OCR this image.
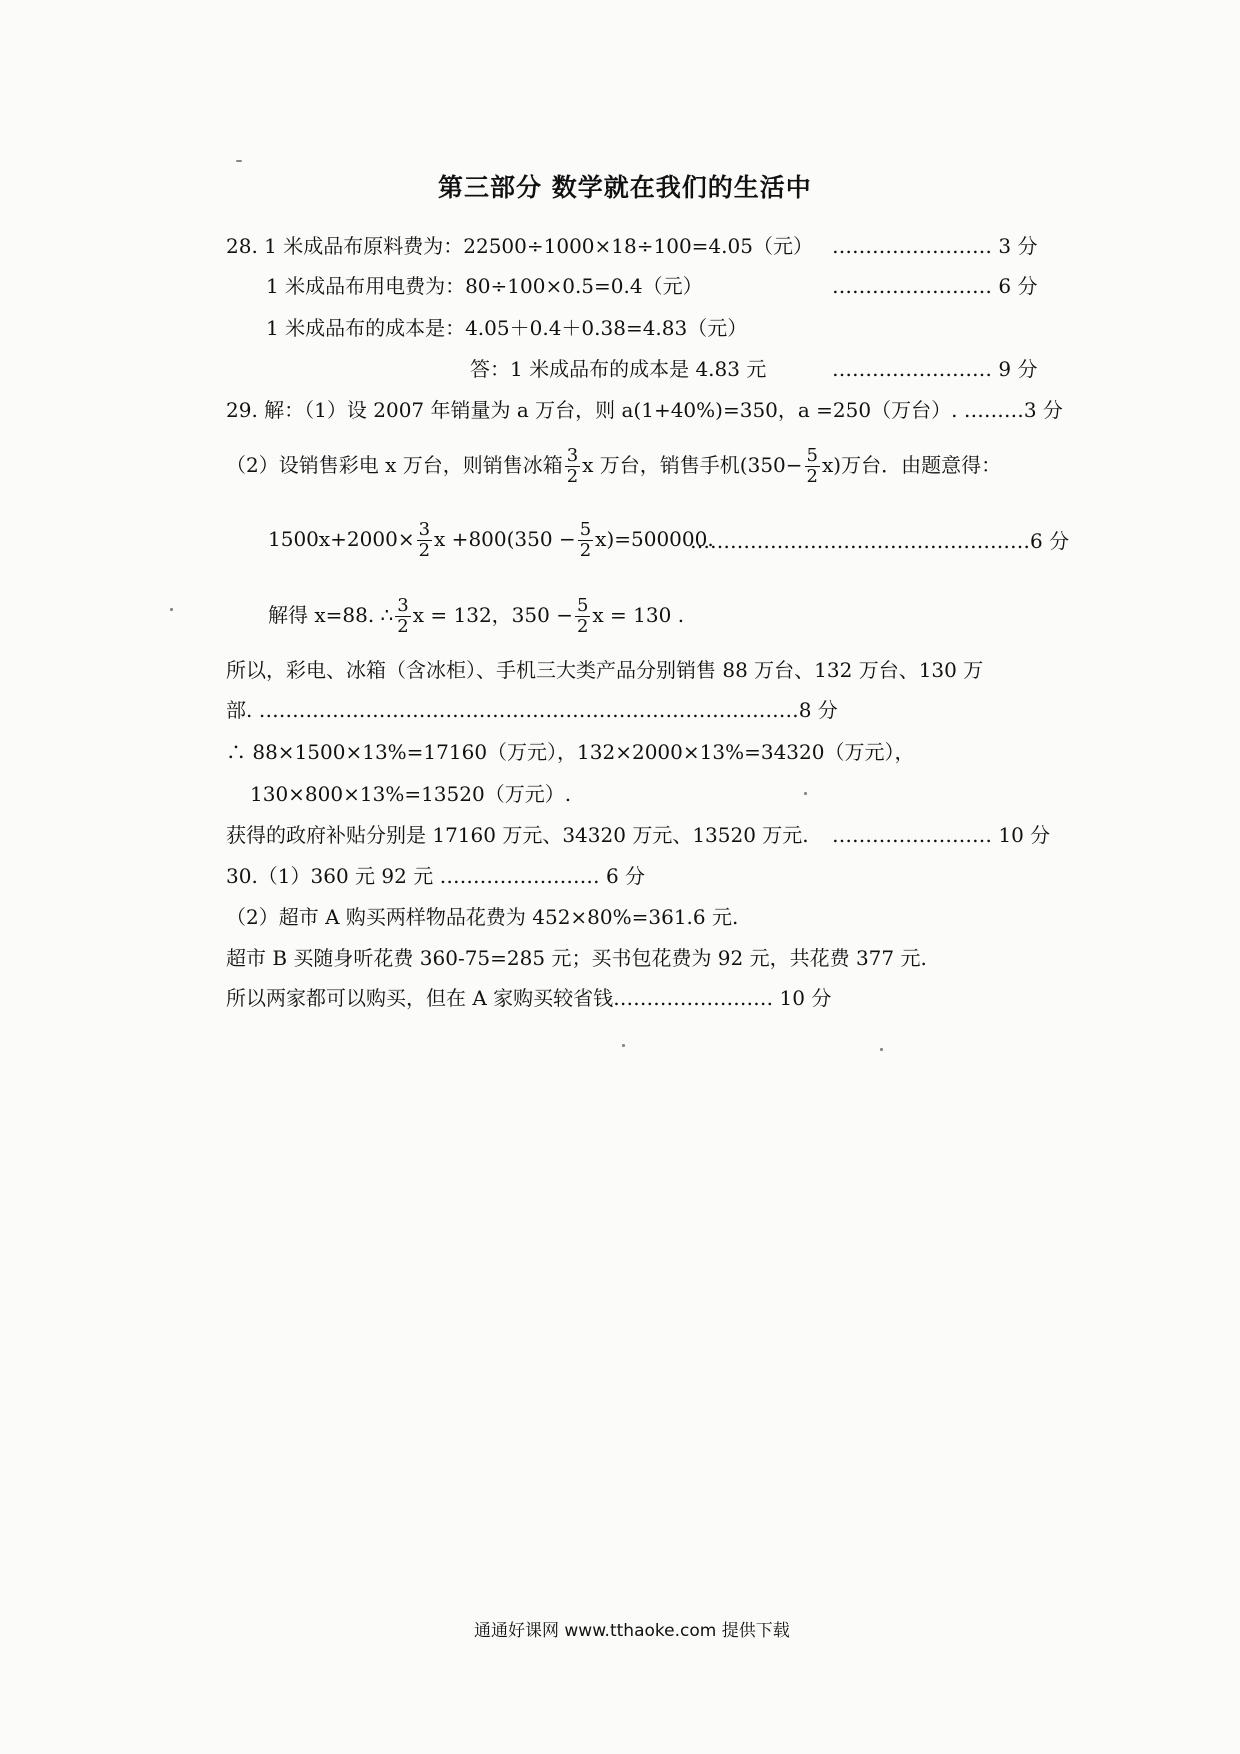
第三部分 数学就在我们的生活中
28. 1 米成品布原料费为：22500÷1000×18÷100=4.05（元） …………………… 3 分
1 米成品布用电费为：80÷100×0.5=0.4（元）	…………………… 6 分
1 米成品布的成本是：4.05＋0.4＋0.38=4.83（元）
答：1 米成品布的成本是 4.83 元	…………………… 9 分
29. 解：（1）设 2007 年销量为 a 万台，则 a(1+40%)=350，a =250（万台）. ………3 分
（2）设销售彩电 x 万台，则销售冰箱 $\frac{3}{2}$ x 万台，销售手机$(350- \frac{5}{2} x)$万台．由题意得：
$1500x+2000\times \frac{3}{2}$ $x +800(350 - \frac{5}{2} x)=500000$.
……………………………………………6 分
解得 x=88. ∴ $\frac{3}{2}$ x = 132，$350 - \frac{5}{2}$ x = 130 .
所以，彩电、冰箱（含冰柜）、手机三大类产品分别销售 88 万台、132 万台、130 万
部. ………………………………………………………………………8 分
∴ 88×1500×13%=17160（万元），132×2000×13%=34320（万元），
130×800×13%=13520（万元）.
获得的政府补贴分别是 17160 万元、34320 万元、13520 万元. …………………… 10 分
30.（1）360 元 92 元 …………………… 6 分
（2）超市 A 购买两样物品花费为 452×80%=361.6 元.
超市 B 买随身听花费 360-75=285 元；买书包花费为 92 元，共花费 377 元.
所以两家都可以购买，但在 A 家购买较省钱…………………… 10 分
通通好课网 www.tthaoke.com 提供下载
